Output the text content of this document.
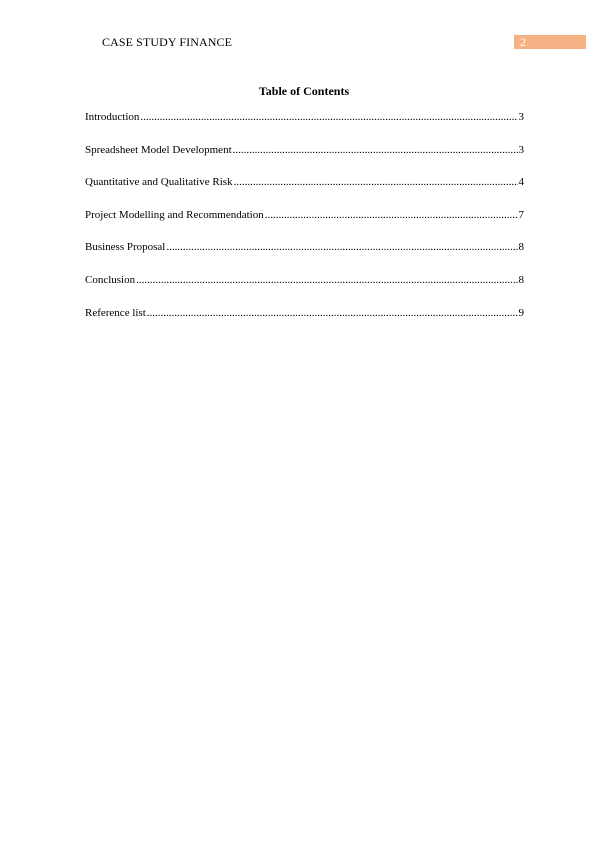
CASE STUDY FINANCE	2
Table of Contents
Introduction .....	3
Spreadsheet Model Development .....	3
Quantitative and Qualitative Risk .....	4
Project Modelling and Recommendation .....	7
Business Proposal .....	8
Conclusion .....	8
Reference list .....	9
